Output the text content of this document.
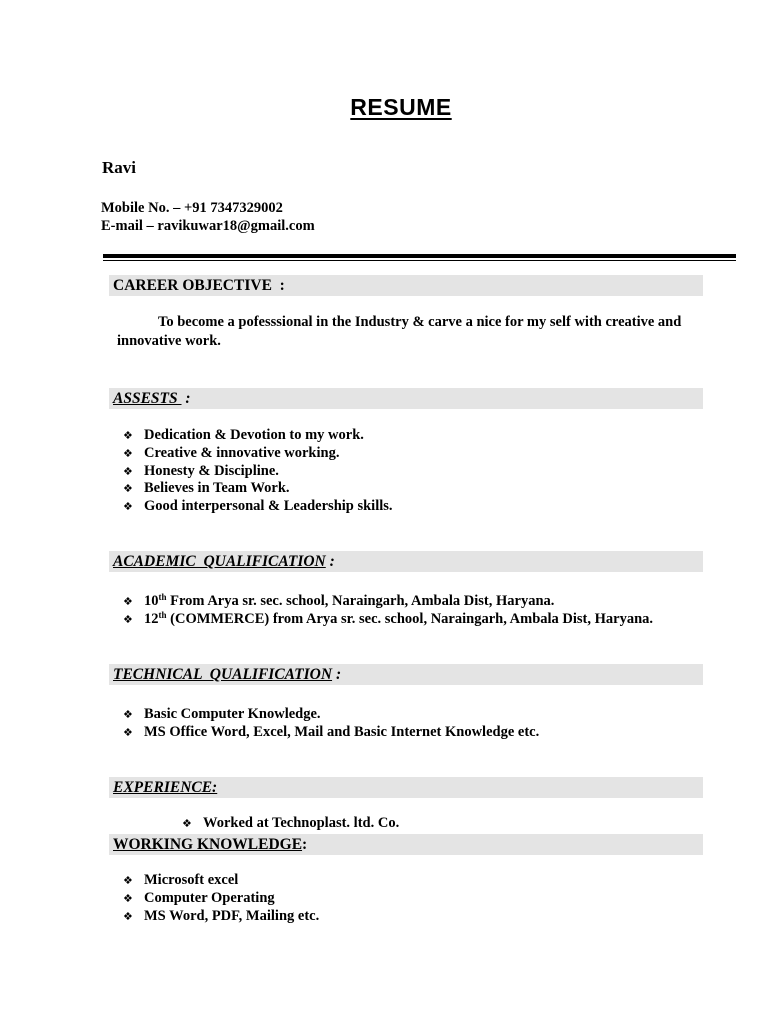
RESUME
Ravi
Mobile No. – +91 7347329002
E-mail – ravikuwar18@gmail.com
CAREER OBJECTIVE  :
To become a pofesssional in the Industry & carve a nice for my self with creative and innovative work.
ASSESTS  :
❖ Dedication & Devotion to my work.
❖ Creative & innovative working.
❖ Honesty & Discipline.
❖ Believes in Team Work.
❖ Good interpersonal & Leadership skills.
ACADEMIC  QUALIFICATION :
❖ 10th From Arya sr. sec. school, Naraingarh, Ambala Dist, Haryana.
❖ 12th (COMMERCE) from Arya sr. sec. school, Naraingarh, Ambala Dist, Haryana.
TECHNICAL  QUALIFICATION :
❖ Basic Computer Knowledge.
❖ MS Office Word, Excel, Mail and Basic Internet Knowledge etc.
EXPERIENCE:
❖ Worked at Technoplast. ltd. Co.
WORKING KNOWLEDGE:
❖ Microsoft excel
❖ Computer Operating
❖ MS Word, PDF, Mailing etc.
